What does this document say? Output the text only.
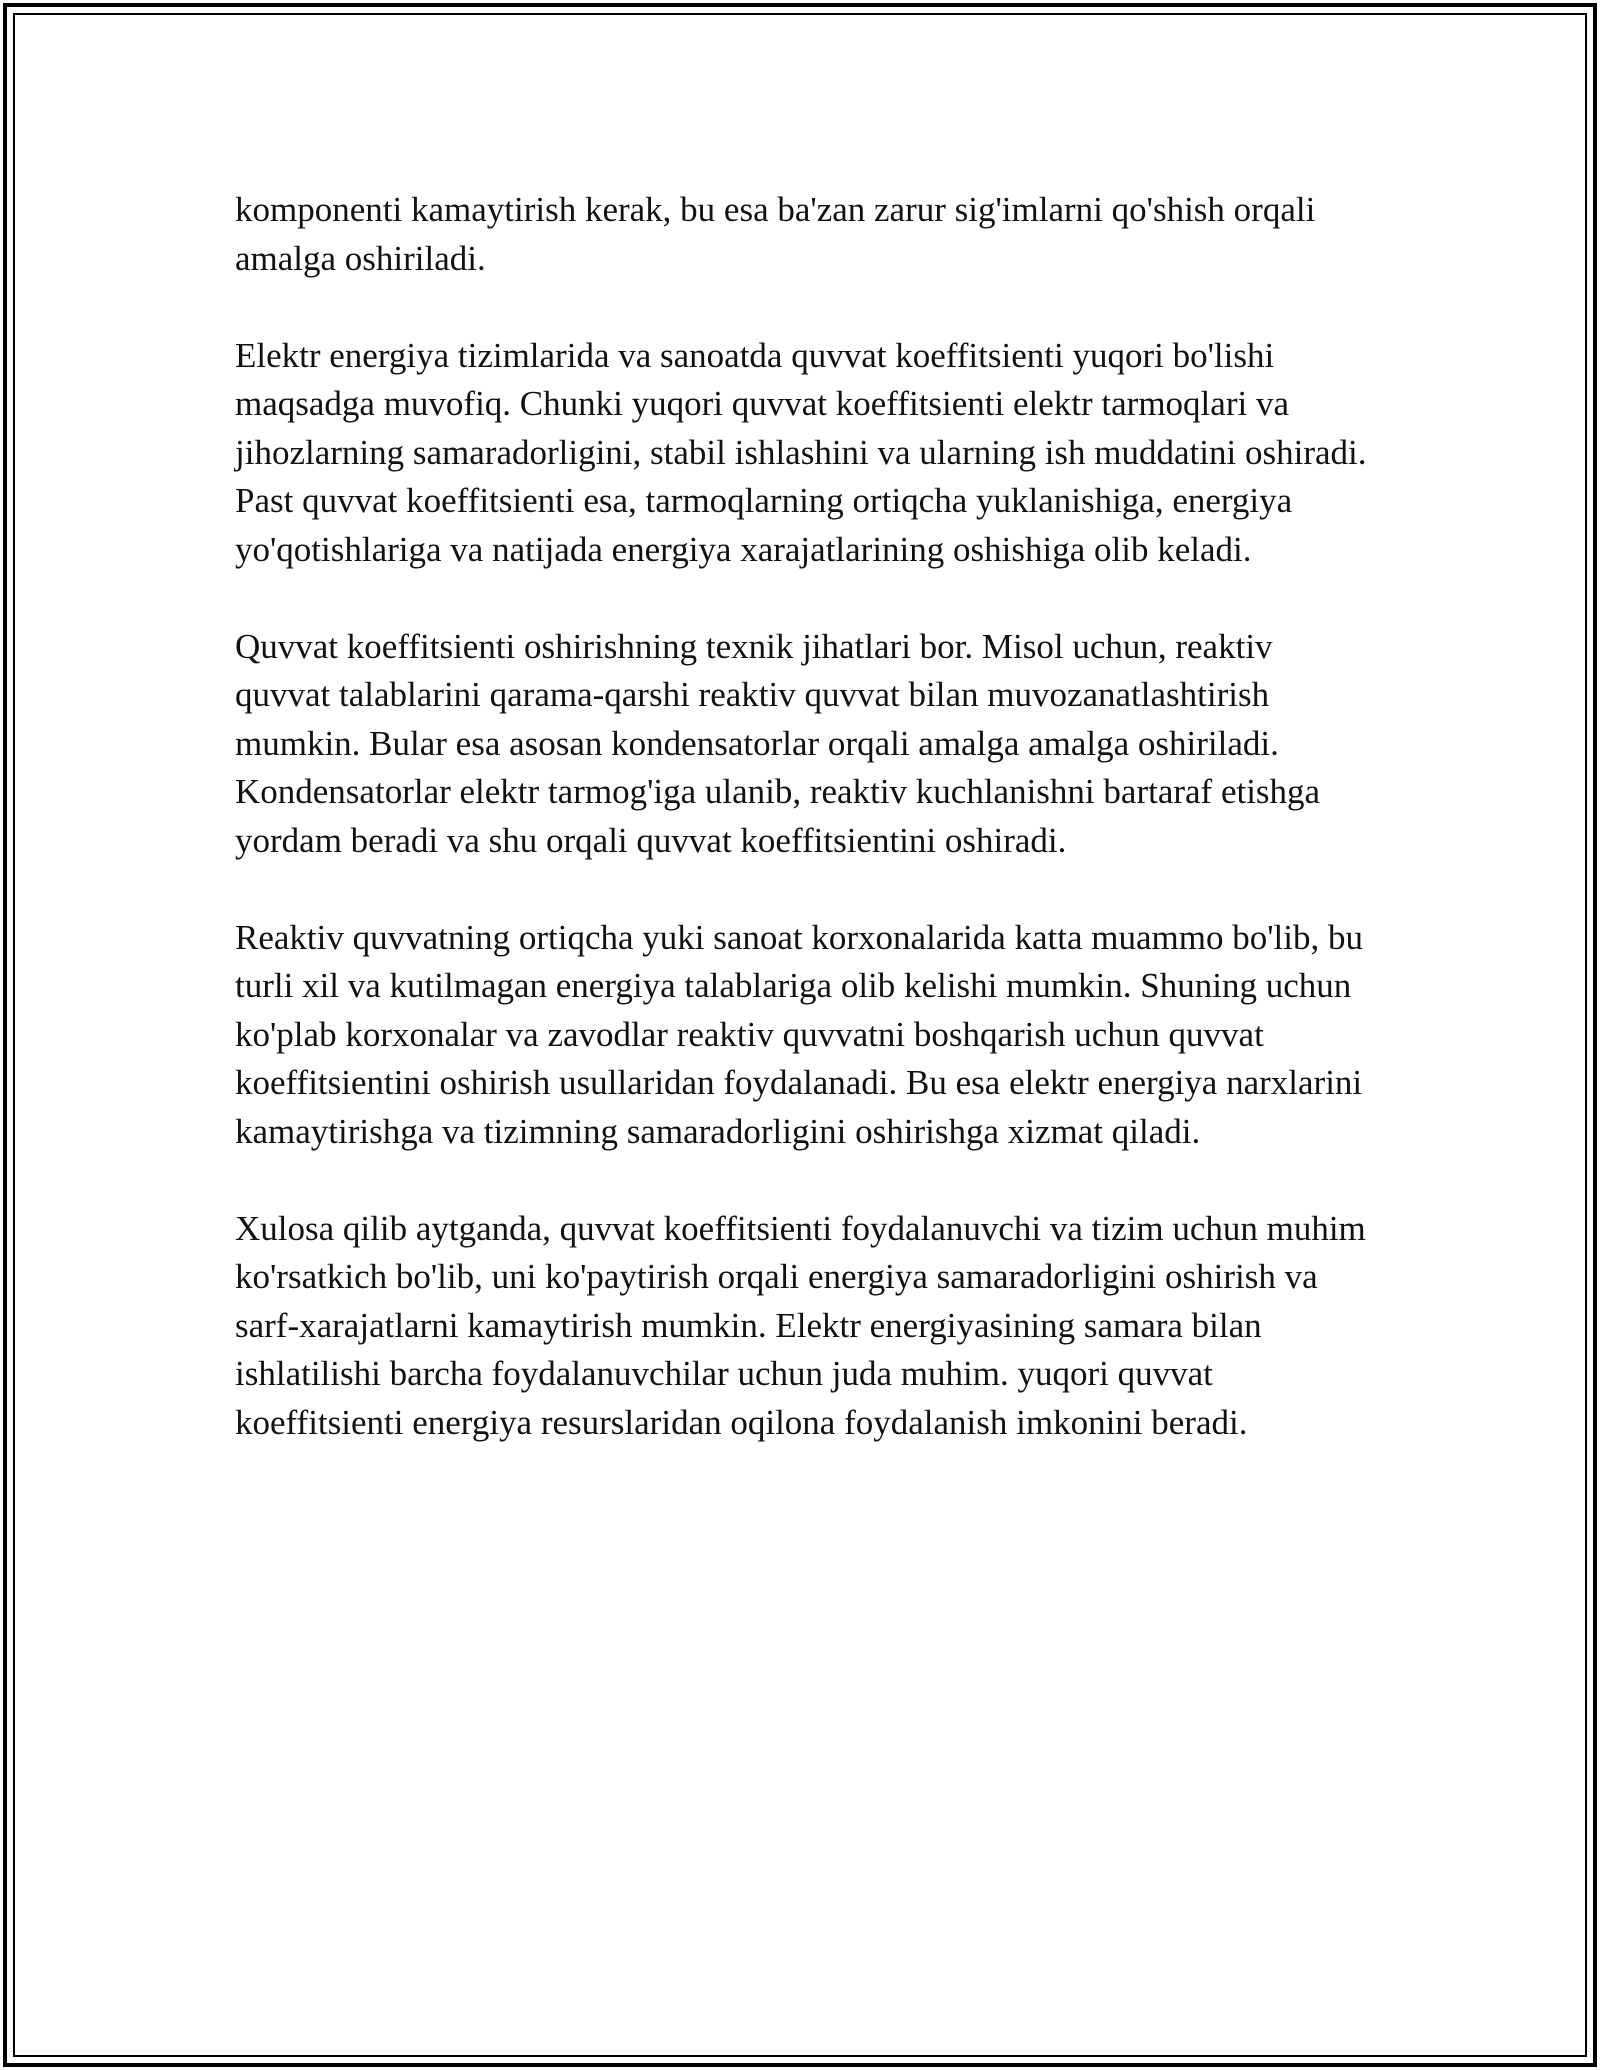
komponenti kamaytirish kerak, bu esa ba'zan zarur sig'imlarni qo'shish orqali amalga oshiriladi.

Elektr energiya tizimlarida va sanoatda quvvat koeffitsienti yuqori bo'lishi maqsadga muvofiq. Chunki yuqori quvvat koeffitsienti elektr tarmoqlari va jihozlarning samaradorligini, stabil ishlashini va ularning ish muddatini oshiradi. Past quvvat koeffitsienti esa, tarmoqlarning ortiqcha yuklanishiga, energiya yo'qotishlariga va natijada energiya xarajatlarining oshishiga olib keladi.

Quvvat koeffitsienti oshirishning texnik jihatlari bor. Misol uchun, reaktiv quvvat talablarini qarama-qarshi reaktiv quvvat bilan muvozanatlashtirish mumkin. Bular esa asosan kondensatorlar orqali amalga amalga oshiriladi. Kondensatorlar elektr tarmog'iga ulanib, reaktiv kuchlanishni bartaraf etishga yordam beradi va shu orqali quvvat koeffitsientini oshiradi.

Reaktiv quvvatning ortiqcha yuki sanoat korxonalarida katta muammo bo'lib, bu turli xil va kutilmagan energiya talablariga olib kelishi mumkin. Shuning uchun ko'plab korxonalar va zavodlar reaktiv quvvatni boshqarish uchun quvvat koeffitsientini oshirish usullaridan foydalanadi. Bu esa elektr energiya narxlarini kamaytirishga va tizimning samaradorligini oshirishga xizmat qiladi.

Xulosa qilib aytganda, quvvat koeffitsienti foydalanuvchi va tizim uchun muhim ko'rsatkich bo'lib, uni ko'paytirish orqali energiya samaradorligini oshirish va sarf-xarajatlarni kamaytirish mumkin. Elektr energiyasining samara bilan ishlatilishi barcha foydalanuvchilar uchun juda muhim. yuqori quvvat koeffitsienti energiya resurslaridan oqilona foydalanish imkonini beradi.
